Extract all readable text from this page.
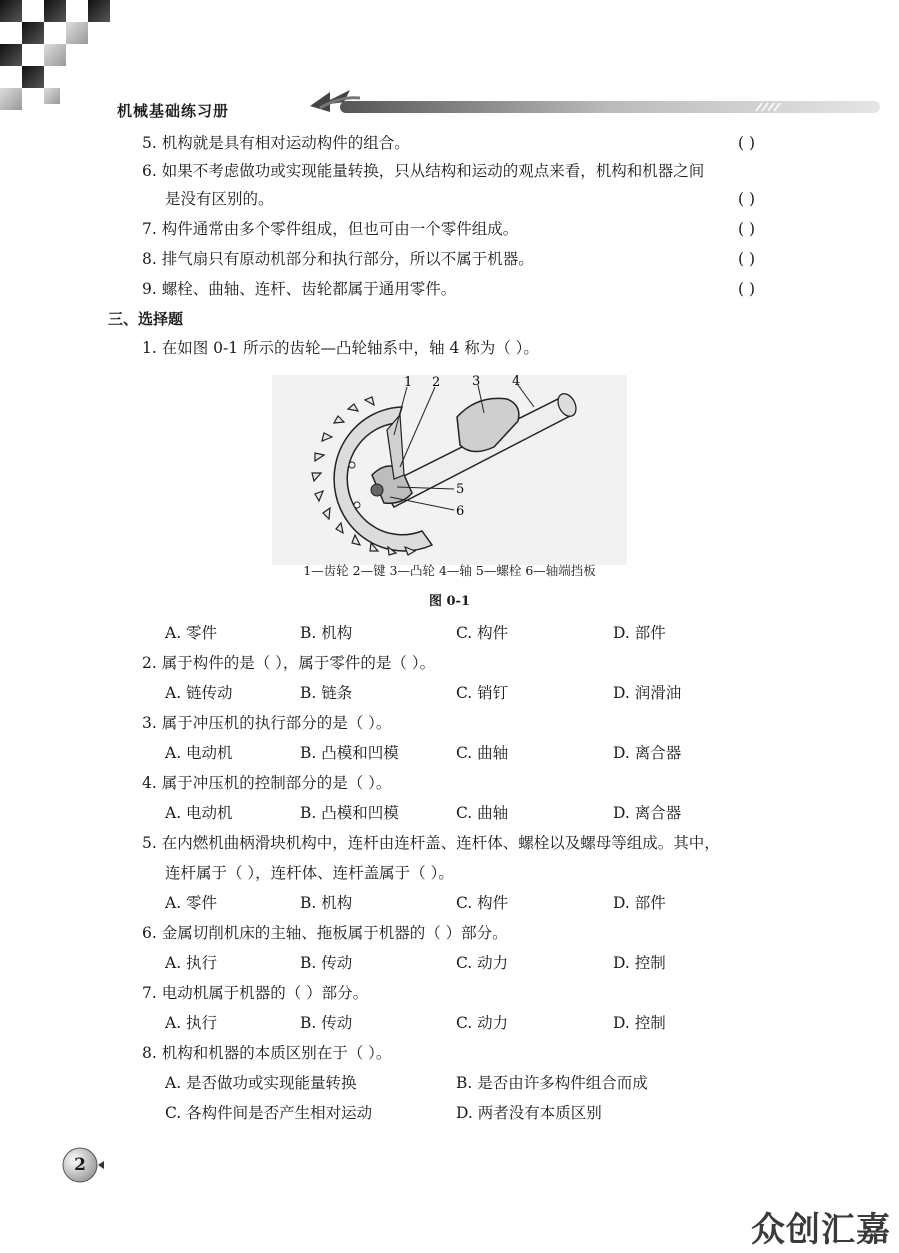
机械基础练习册
5. 机构就是具有相对运动构件的组合。	( )
6. 如果不考虑做功或实现能量转换，只从结构和运动的观点来看，机构和机器之间
是没有区别的。	( )
7. 构件通常由多个零件组成，但也可由一个零件组成。	( )
8. 排气扇只有原动机部分和执行部分，所以不属于机器。	( )
9. 螺栓、曲轴、连杆、齿轮都属于通用零件。	( )
三、选择题
1. 在如图 0-1 所示的齿轮—凸轮轴系中，轴 4 称为（ ）。
1 2 3 4
5
6
1—齿轮 2—键 3—凸轮 4—轴 5—螺栓 6—轴端挡板
图 0-1
A. 零件	B. 机构	C. 构件	D. 部件
2. 属于构件的是（ ），属于零件的是（ ）。
A. 链传动	B. 链条	C. 销钉	D. 润滑油
3. 属于冲压机的执行部分的是（ ）。
A. 电动机	B. 凸模和凹模	C. 曲轴	D. 离合器
4. 属于冲压机的控制部分的是（ ）。
A. 电动机	B. 凸模和凹模	C. 曲轴	D. 离合器
5. 在内燃机曲柄滑块机构中，连杆由连杆盖、连杆体、螺栓以及螺母等组成。其中，
连杆属于（ ），连杆体、连杆盖属于（ ）。
A. 零件	B. 机构	C. 构件	D. 部件
6. 金属切削机床的主轴、拖板属于机器的（ ）部分。
A. 执行	B. 传动	C. 动力	D. 控制
7. 电动机属于机器的（ ）部分。
A. 执行	B. 传动	C. 动力	D. 控制
8. 机构和机器的本质区别在于（ ）。
A. 是否做功或实现能量转换	B. 是否由许多构件组合而成
C. 各构件间是否产生相对运动	D. 两者没有本质区别
2
众创汇嘉
